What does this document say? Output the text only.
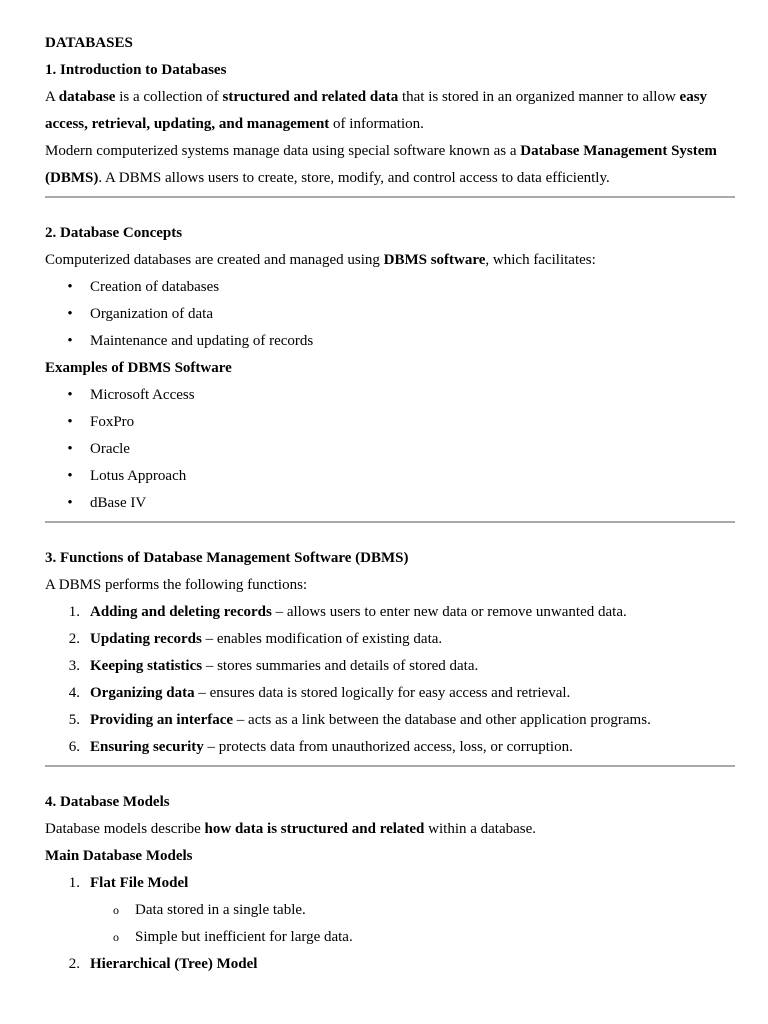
DATABASES

1. Introduction to Databases

A database is a collection of structured and related data that is stored in an organized manner to allow easy access, retrieval, updating, and management of information.

Modern computerized systems manage data using special software known as a Database Management System (DBMS). A DBMS allows users to create, store, modify, and control access to data efficiently.

2. Database Concepts

Computerized databases are created and managed using DBMS software, which facilitates:

• Creation of databases
• Organization of data
• Maintenance and updating of records

Examples of DBMS Software

• Microsoft Access
• FoxPro
• Oracle
• Lotus Approach
• dBase IV

3. Functions of Database Management Software (DBMS)

A DBMS performs the following functions:

1. Adding and deleting records – allows users to enter new data or remove unwanted data.
2. Updating records – enables modification of existing data.
3. Keeping statistics – stores summaries and details of stored data.
4. Organizing data – ensures data is stored logically for easy access and retrieval.
5. Providing an interface – acts as a link between the database and other application programs.
6. Ensuring security – protects data from unauthorized access, loss, or corruption.

4. Database Models

Database models describe how data is structured and related within a database.

Main Database Models

1. Flat File Model
o Data stored in a single table.
o Simple but inefficient for large data.
2. Hierarchical (Tree) Model
